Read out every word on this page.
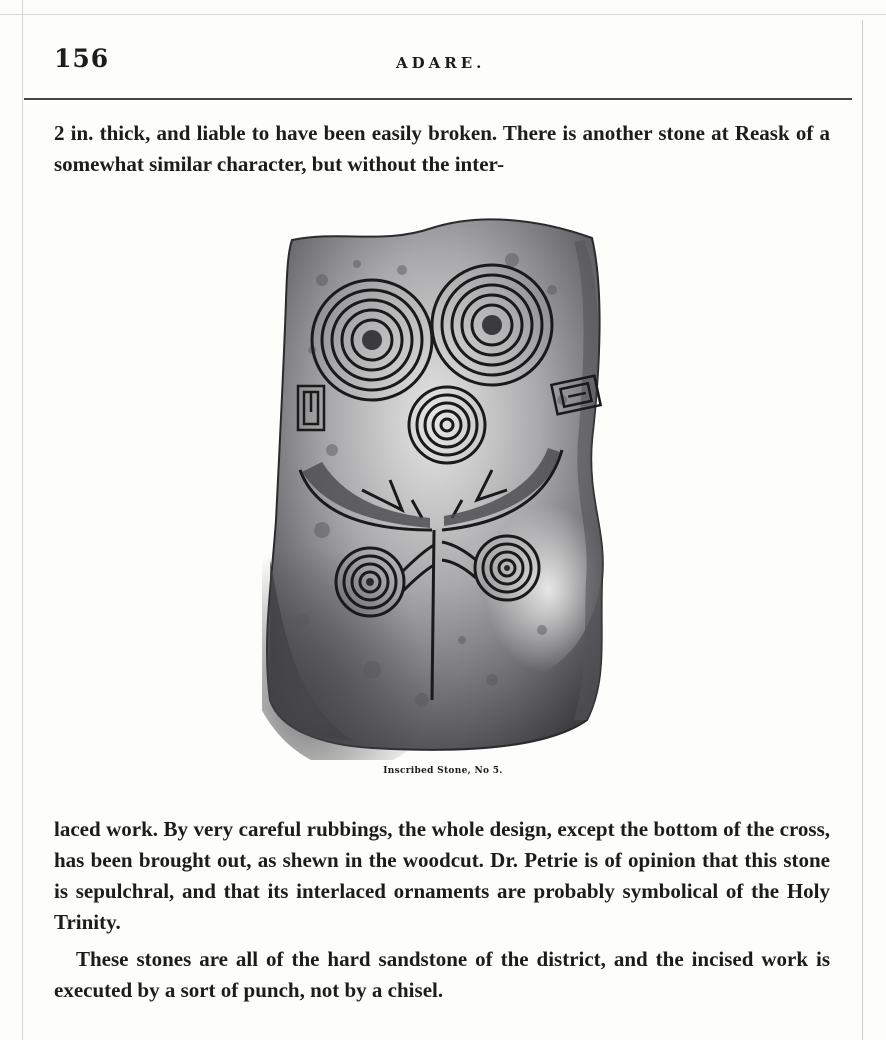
156	ADARE.

2 in. thick, and liable to have been easily broken. There is another stone at Reask of a somewhat similar character, but without the inter-

Inscribed Stone, No 5.

laced work. By very careful rubbings, the whole design, except the bottom of the cross, has been brought out, as shewn in the woodcut. Dr. Petrie is of opinion that this stone is sepulchral, and that its interlaced ornaments are probably symbolical of the Holy Trinity.

These stones are all of the hard sandstone of the district, and the incised work is executed by a sort of punch, not by a chisel.
